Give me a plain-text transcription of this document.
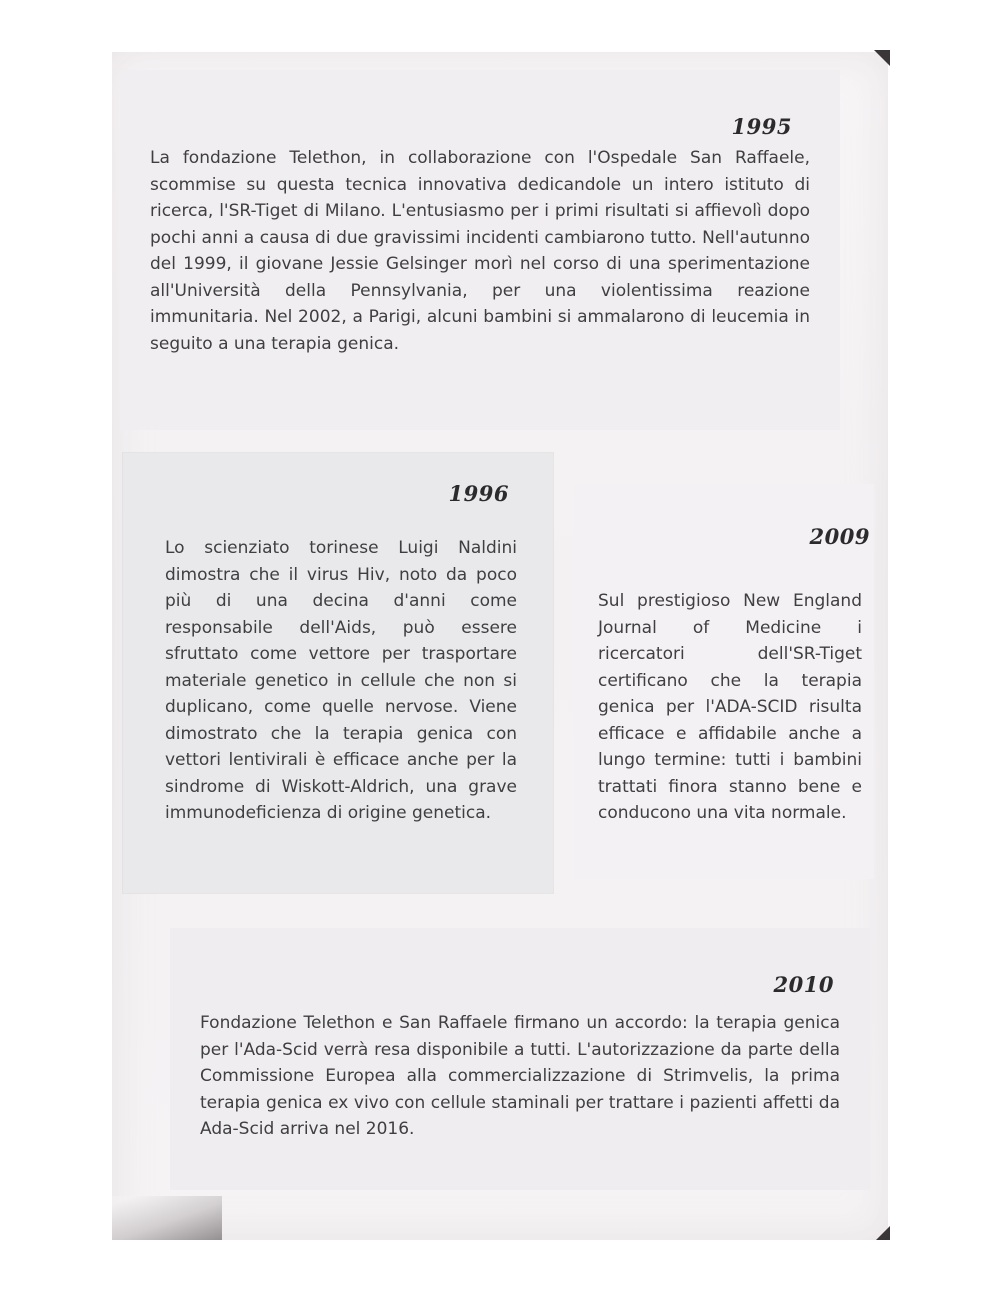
1995
La fondazione Telethon, in collaborazione con l'Ospedale San Raffaele, scommise su questa tecnica innovativa dedicandole un intero istituto di ricerca, l'SR-Tiget di Milano. L'entusiasmo per i primi risultati si affievolì dopo pochi anni a causa di due gravissimi incidenti cambiarono tutto. Nell'autunno del 1999, il giovane Jessie Gelsinger morì nel corso di una sperimentazione all'Università della Pennsylvania, per una violentissima reazione immunitaria. Nel 2002, a Parigi, alcuni bambini si ammalarono di leucemia in seguito a una terapia genica.
1996
Lo scienziato torinese Luigi Naldini dimostra che il virus Hiv, noto da poco più di una decina d'anni come responsabile dell'Aids, può essere sfruttato come vettore per trasportare materiale genetico in cellule che non si duplicano, come quelle nervose. Viene dimostrato che la terapia genica con vettori lentivirali è efficace anche per la sindrome di Wiskott-Aldrich, una grave immunodeficienza di origine genetica.
2009
Sul prestigioso New England Journal of Medicine i ricercatori dell'SR-Tiget certificano che la terapia genica per l'ADA-SCID risulta efficace e affidabile anche a lungo termine: tutti i bambini trattati finora stanno bene e conducono una vita normale.
2010
Fondazione Telethon e San Raffaele firmano un accordo: la terapia genica per l'Ada-Scid verrà resa disponibile a tutti. L'autorizzazione da parte della Commissione Europea alla commercializzazione di Strimvelis, la prima terapia genica ex vivo con cellule staminali per trattare i pazienti affetti da Ada-Scid arriva nel 2016.
